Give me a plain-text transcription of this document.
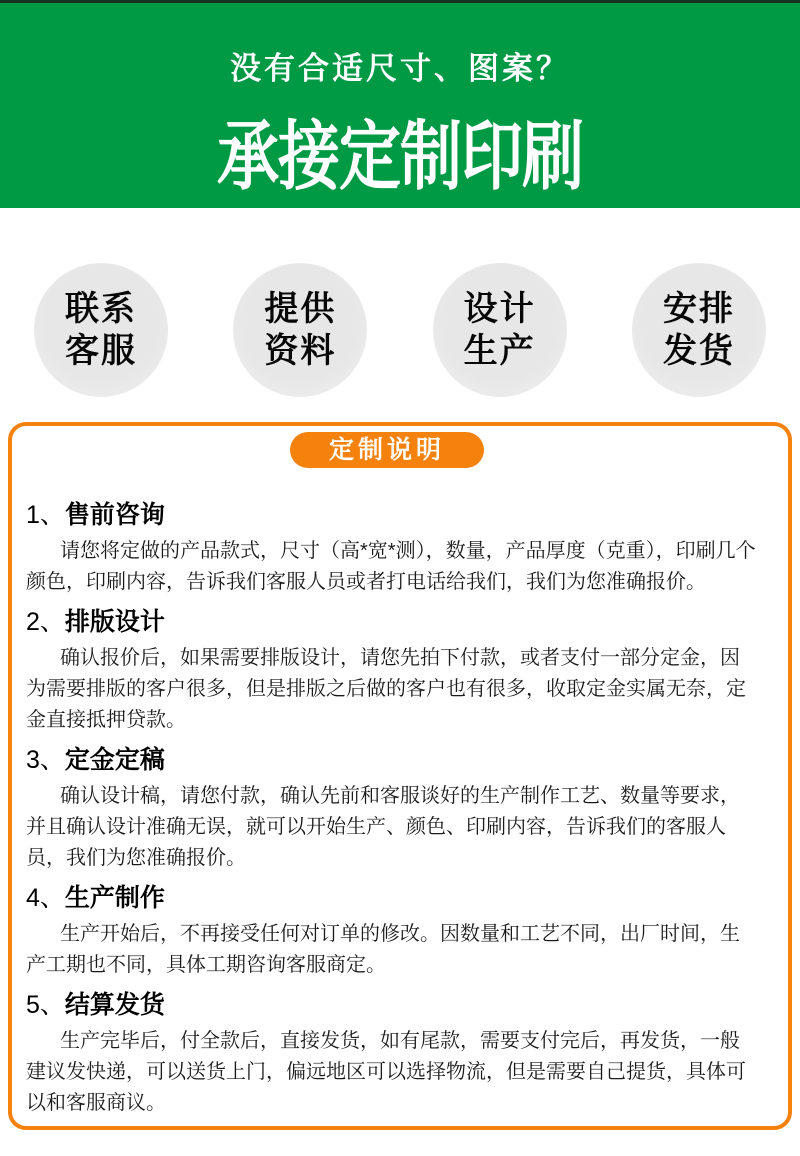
没有合适尺寸、图案？
承接定制印刷
联系
客服
提供
资料
设计
生产
安排
发货
定制说明
1、售前咨询

请您将定做的产品款式，尺寸（高*宽*测），数量，产品厚度（克重），印刷几个颜色，印刷内容，告诉我们客服人员或者打电话给我们，我们为您准确报价。

2、排版设计

确认报价后，如果需要排版设计，请您先拍下付款，或者支付一部分定金，因为需要排版的客户很多，但是排版之后做的客户也有很多，收取定金实属无奈，定金直接抵押贷款。

3、定金定稿

确认设计稿，请您付款，确认先前和客服谈好的生产制作工艺、数量等要求，并且确认设计准确无误，就可以开始生产、颜色、印刷内容，告诉我们的客服人员，我们为您准确报价。

4、生产制作

生产开始后，不再接受任何对订单的修改。因数量和工艺不同，出厂时间，生产工期也不同，具体工期咨询客服商定。

5、结算发货

生产完毕后，付全款后，直接发货，如有尾款，需要支付完后，再发货，一般建议发快递，可以送货上门，偏远地区可以选择物流，但是需要自己提货，具体可以和客服商议。
